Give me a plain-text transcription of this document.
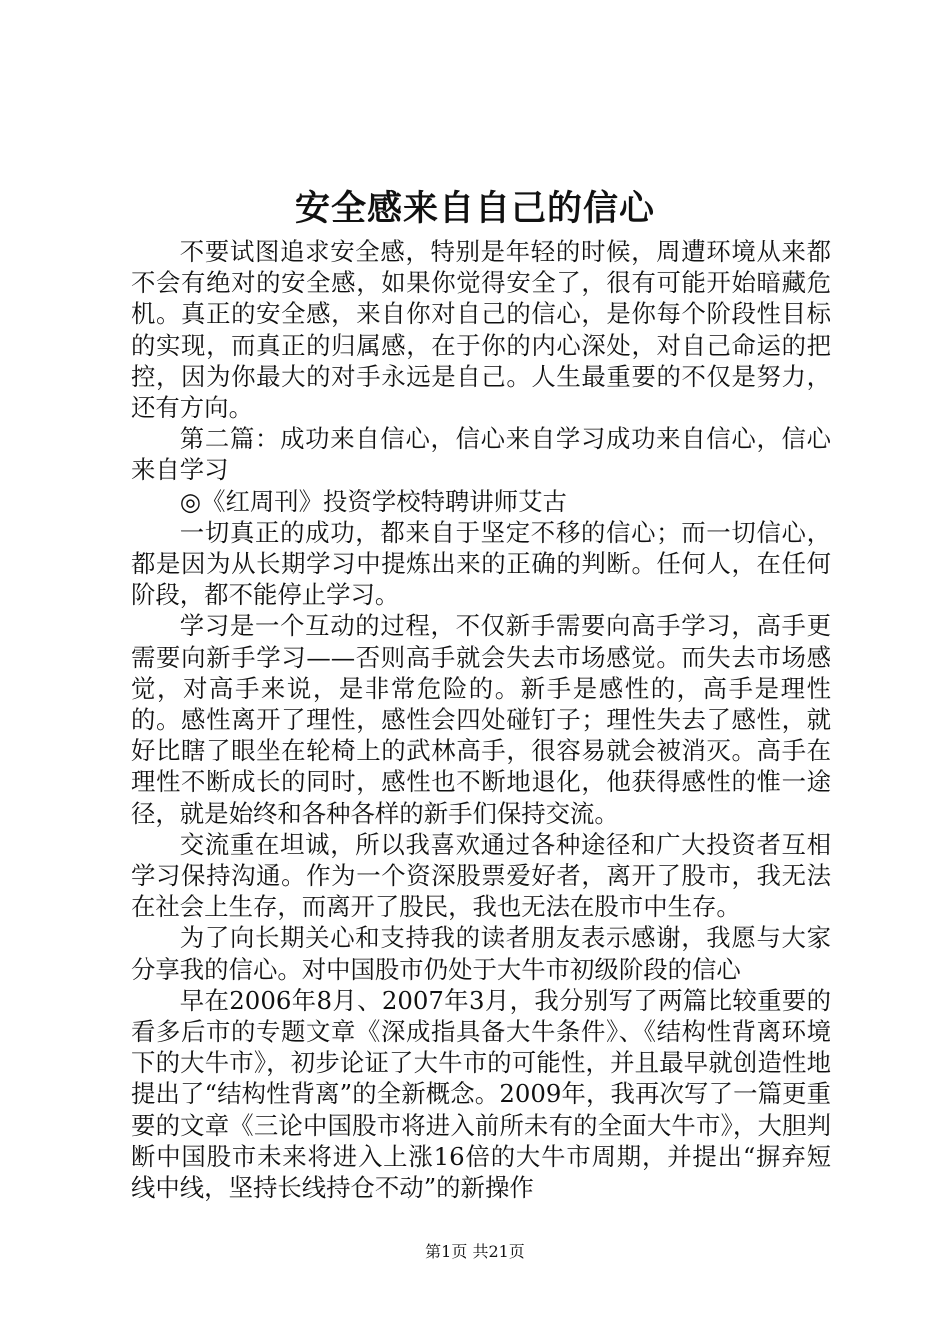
安全感来自自己的信心

不要试图追求安全感，特别是年轻的时候，周遭环境从来都不会有绝对的安全感，如果你觉得安全了，很有可能开始暗藏危机。真正的安全感，来自你对自己的信心，是你每个阶段性目标的实现，而真正的归属感，在于你的内心深处，对自己命运的把控，因为你最大的对手永远是自己。人生最重要的不仅是努力，还有方向。

第二篇：成功来自信心，信心来自学习成功来自信心，信心来自学习

◎《红周刊》投资学校特聘讲师艾古

一切真正的成功，都来自于坚定不移的信心；而一切信心，都是因为从长期学习中提炼出来的正确的判断。任何人，在任何阶段，都不能停止学习。

学习是一个互动的过程，不仅新手需要向高手学习，高手更需要向新手学习——否则高手就会失去市场感觉。而失去市场感觉，对高手来说，是非常危险的。新手是感性的，高手是理性的。感性离开了理性，感性会四处碰钉子；理性失去了感性，就好比瞎了眼坐在轮椅上的武林高手，很容易就会被消灭。高手在理性不断成长的同时，感性也不断地退化，他获得感性的惟一途径，就是始终和各种各样的新手们保持交流。

交流重在坦诚，所以我喜欢通过各种途径和广大投资者互相学习保持沟通。作为一个资深股票爱好者，离开了股市，我无法在社会上生存，而离开了股民，我也无法在股市中生存。

为了向长期关心和支持我的读者朋友表示感谢，我愿与大家分享我的信心。对中国股市仍处于大牛市初级阶段的信心

早在2006年8月、2007年3月，我分别写了两篇比较重要的看多后市的专题文章《深成指具备大牛条件》、《结构性背离环境下的大牛市》，初步论证了大牛市的可能性，并且最早就创造性地提出了“结构性背离”的全新概念。2009年，我再次写了一篇更重要的文章《三论中国股市将进入前所未有的全面大牛市》，大胆判断中国股市未来将进入上涨16倍的大牛市周期，并提出“摒弃短线中线，坚持长线持仓不动”的新操作

第1页 共21页
